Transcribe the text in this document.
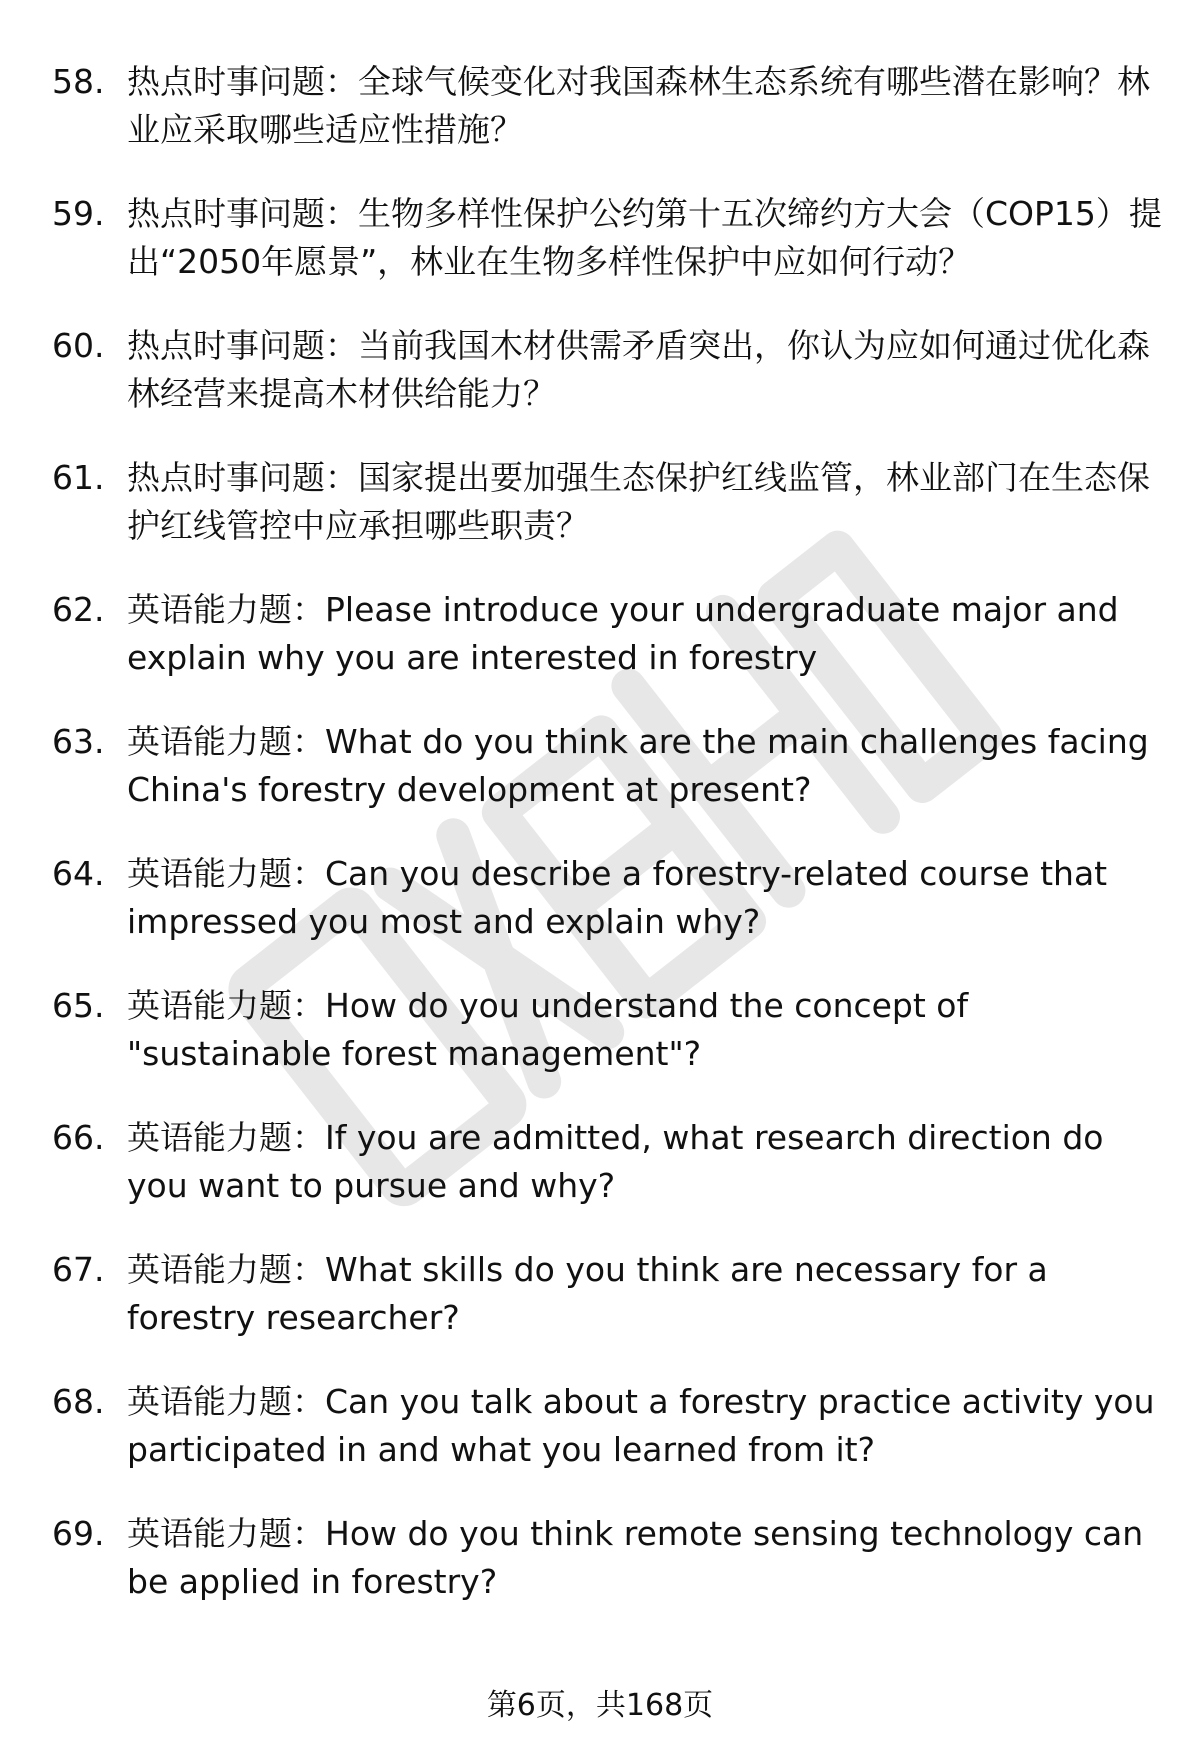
58. 热点时事问题：全球气候变化对我国森林生态系统有哪些潜在影响？林业应采取哪些适应性措施？
59. 热点时事问题：生物多样性保护公约第十五次缔约方大会（COP15）提出“2050年愿景”，林业在生物多样性保护中应如何行动？
60. 热点时事问题：当前我国木材供需矛盾突出，你认为应如何通过优化森林经营来提高木材供给能力？
61. 热点时事问题：国家提出要加强生态保护红线监管，林业部门在生态保护红线管控中应承担哪些职责？
62. 英语能力题：Please introduce your undergraduate major and explain why you are interested in forestry
63. 英语能力题：What do you think are the main challenges facing China's forestry development at present?
64. 英语能力题：Can you describe a forestry-related course that impressed you most and explain why?
65. 英语能力题：How do you understand the concept of "sustainable forest management"?
66. 英语能力题：If you are admitted, what research direction do you want to pursue and why?
67. 英语能力题：What skills do you think are necessary for a forestry researcher?
68. 英语能力题：Can you talk about a forestry practice activity you participated in and what you learned from it?
69. 英语能力题：How do you think remote sensing technology can be applied in forestry?
第6页，共168页
